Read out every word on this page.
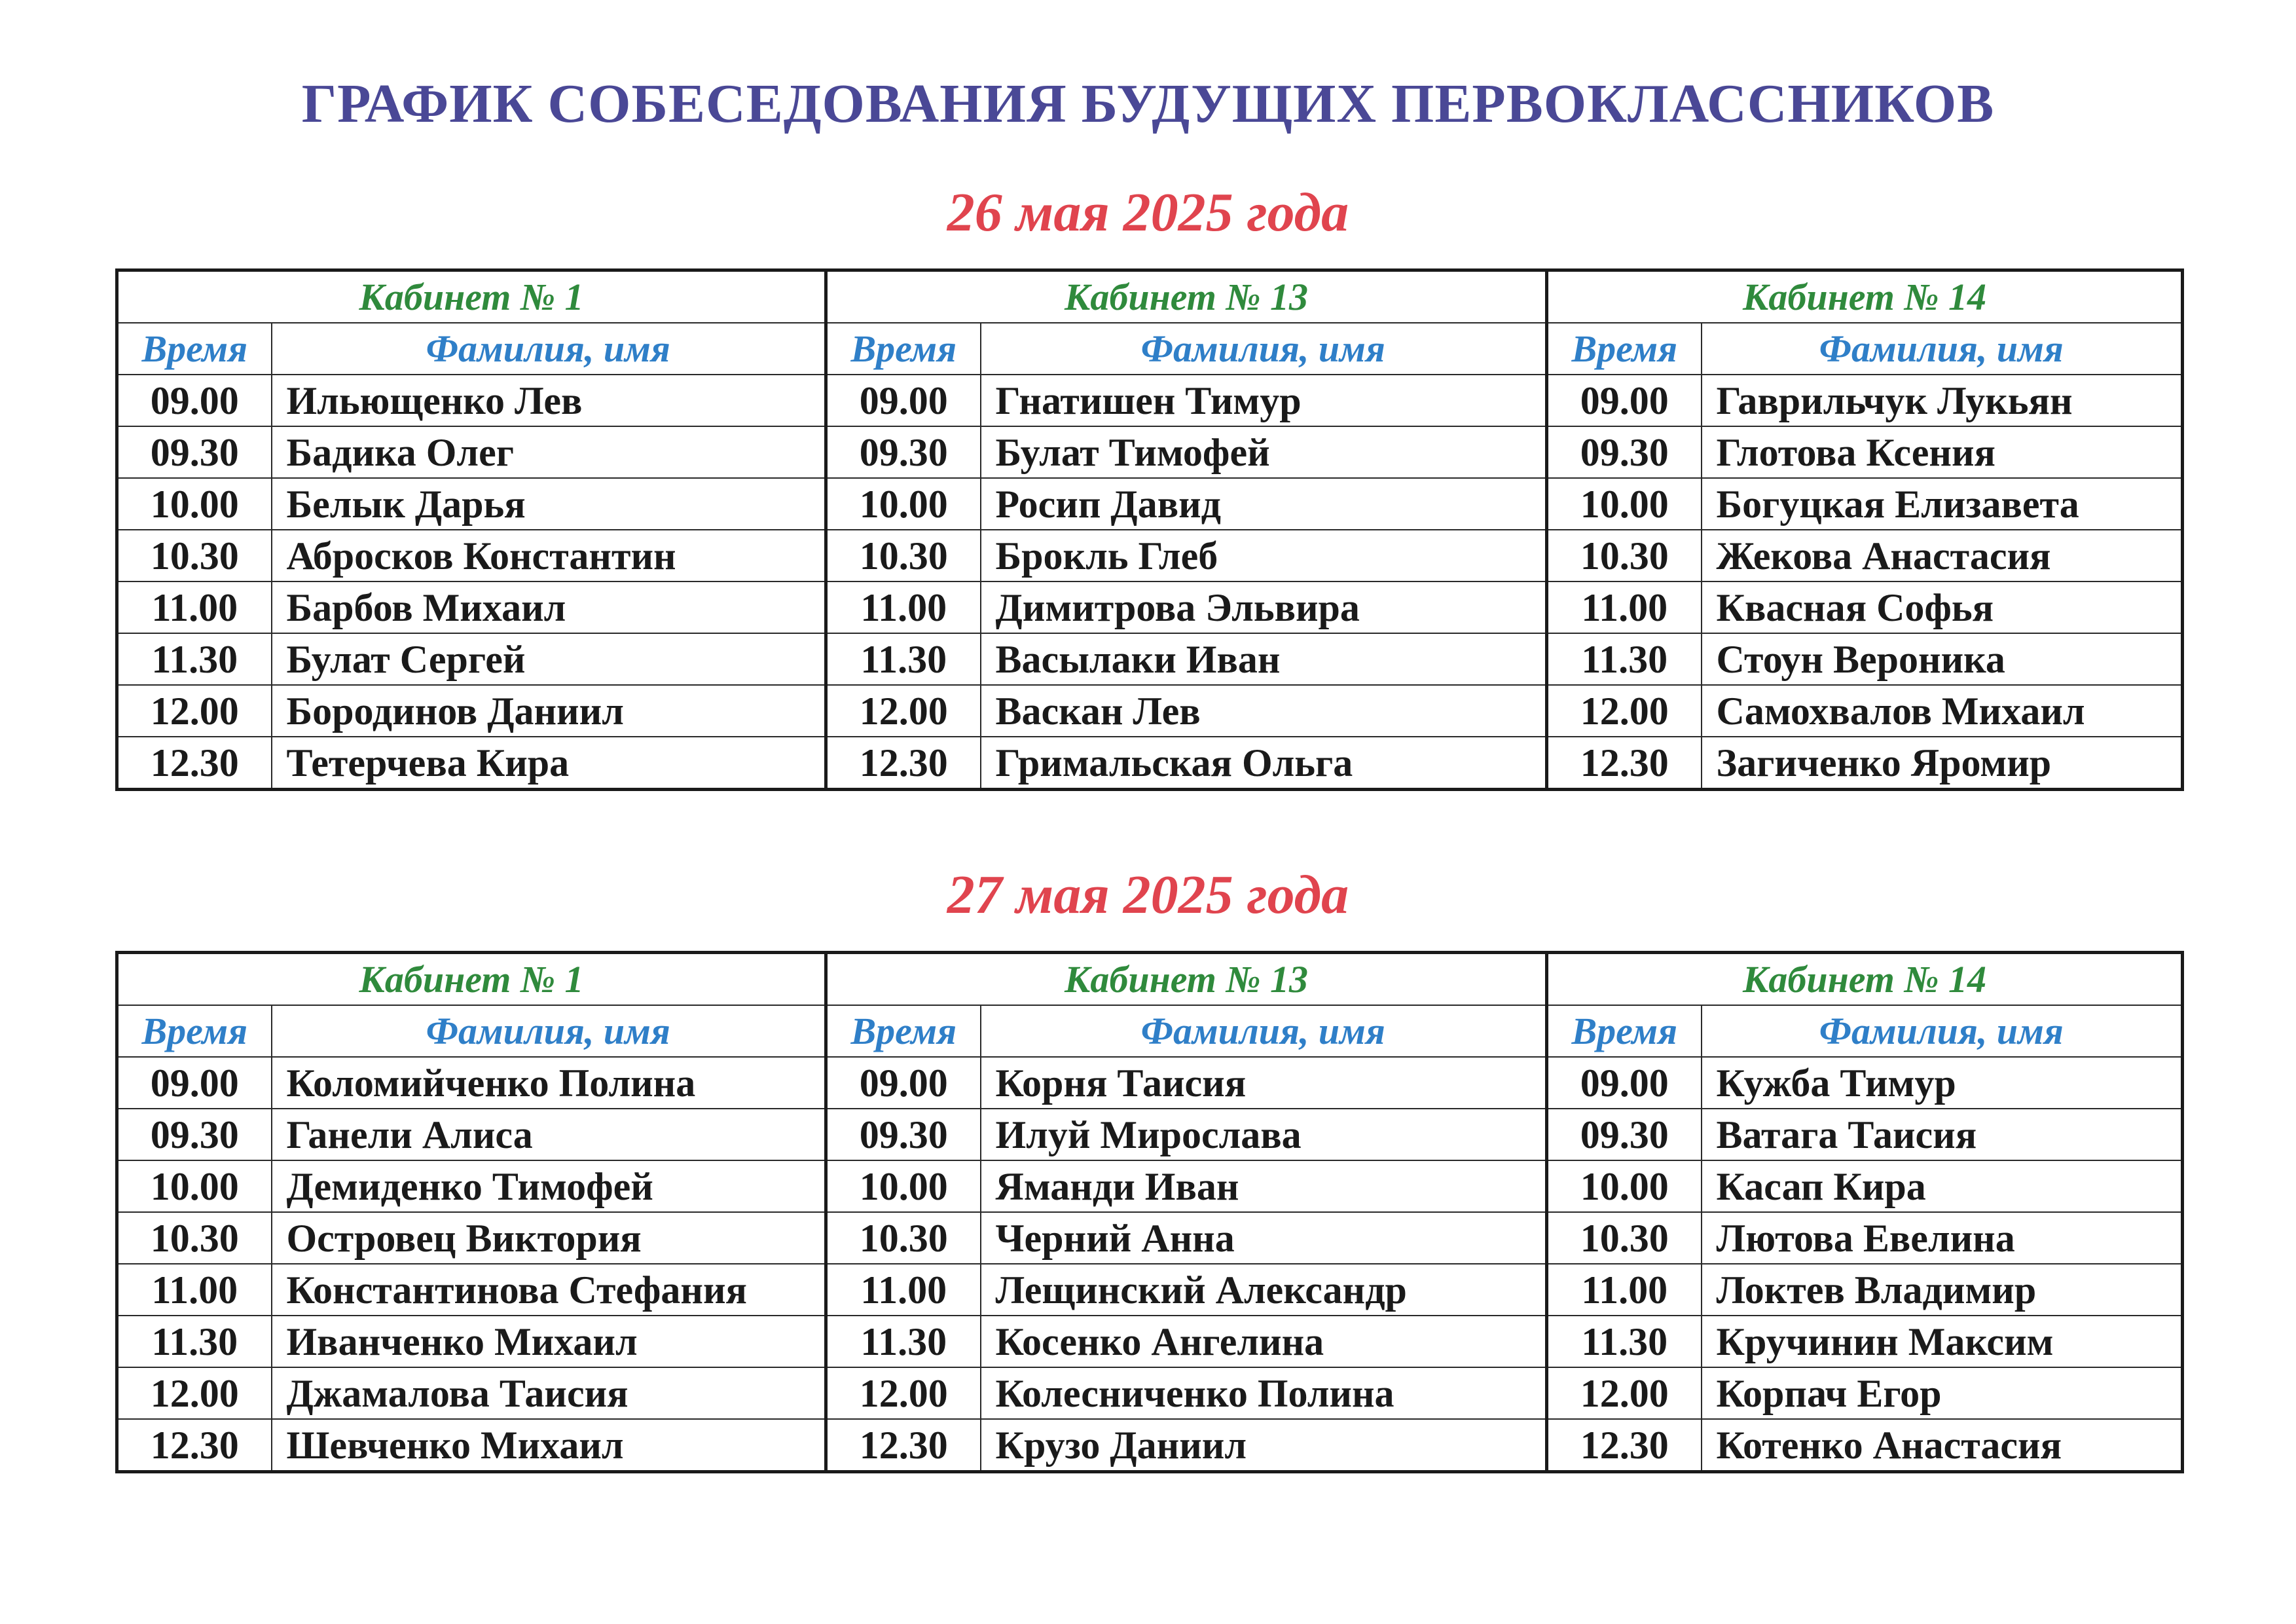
ГРАФИК СОБЕСЕДОВАНИЯ БУДУЩИХ ПЕРВОКЛАССНИКОВ
26 мая 2025 года
Кабинет № 1		Кабинет № 13		Кабинет № 14	
Время	Фамилия, имя	Время	Фамилия, имя	Время	Фамилия, имя
09.00	Ильющенко Лев	09.00	Гнатишен Тимур	09.00	Гаврильчук Лукьян
09.30	Бадика Олег	09.30	Булат Тимофей	09.30	Глотова Ксения
10.00	Белык Дарья	10.00	Росип Давид	10.00	Богуцкая Елизавета
10.30	Абросков Константин	10.30	Брокль Глеб	10.30	Жекова Анастасия
11.00	Барбов Михаил	11.00	Димитрова Эльвира	11.00	Квасная Софья
11.30	Булат Сергей	11.30	Васылаки Иван	11.30	Стоун Вероника
12.00	Бородинов Даниил	12.00	Васкан Лев	12.00	Самохвалов Михаил
12.30	Тетерчева Кира	12.30	Гримальская Ольга	12.30	Загиченко Яромир
27 мая 2025 года
Кабинет № 1		Кабинет № 13		Кабинет № 14	
Время	Фамилия, имя	Время	Фамилия, имя	Время	Фамилия, имя
09.00	Коломийченко Полина	09.00	Корня Таисия	09.00	Кужба Тимур
09.30	Ганели Алиса	09.30	Илуй Мирослава	09.30	Ватага Таисия
10.00	Демиденко Тимофей	10.00	Яманди Иван	10.00	Касап Кира
10.30	Островец Виктория	10.30	Черний Анна	10.30	Лютова Евелина
11.00	Константинова Стефания	11.00	Лещинский Александр	11.00	Локтев Владимир
11.30	Иванченко Михаил	11.30	Косенко Ангелина	11.30	Кручинин Максим
12.00	Джамалова Таисия	12.00	Колесниченко Полина	12.00	Корпач Егор
12.30	Шевченко Михаил	12.30	Крузо Даниил	12.30	Котенко Анастасия
